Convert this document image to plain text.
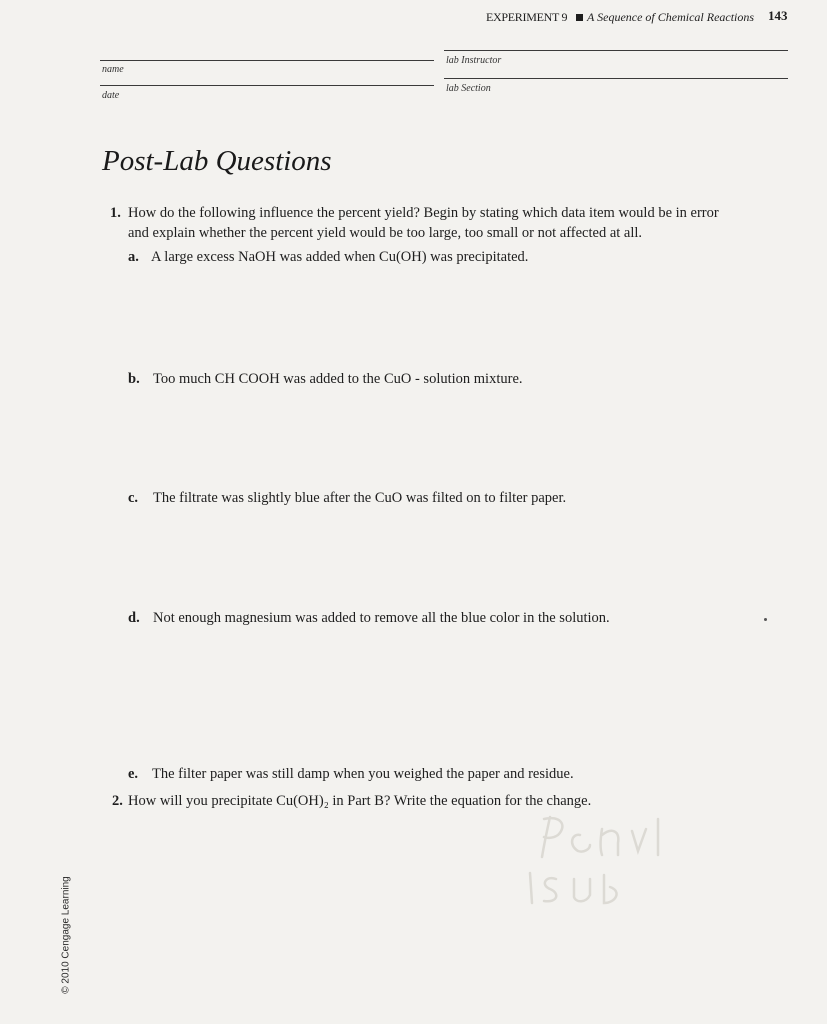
EXPERIMENT 9 A Sequence of Chemical Reactions 143
name
lab Instructor
date
lab Section
Post-Lab Questions
1. How do the following influence the percent yield? Begin by stating which data item would be in error
and explain whether the percent yield would be too large, too small or not affected at all.
a. A large excess NaOH was added when Cu(OH) was precipitated.
b. Too much CH COOH was added to the CuO - solution mixture.
c. The filtrate was slightly blue after the CuO was filted on to filter paper.
d. Not enough magnesium was added to remove all the blue color in the solution.
e. The filter paper was still damp when you weighed the paper and residue.
2. How will you precipitate Cu(OH)₂ in Part B? Write the equation for the change.
© 2010 Cengage Learning
